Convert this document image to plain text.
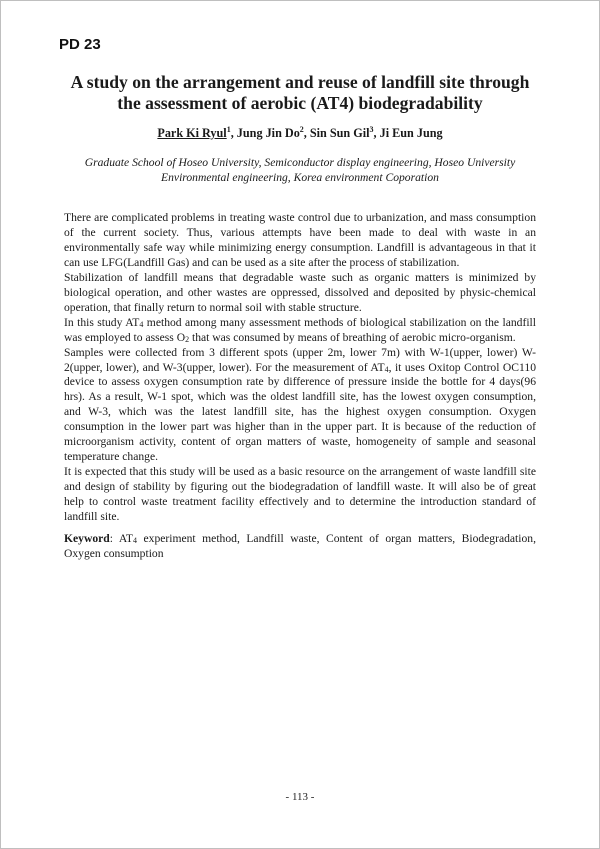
PD 23
A study on the arrangement and reuse of landfill site through the assessment of aerobic (AT4) biodegradability
Park Ki Ryul$^1$, Jung Jin Do$^2$, Sin Sun Gil$^3$, Ji Eun Jung
Graduate School of Hoseo University, Semiconductor display engineering, Hoseo University
Environmental engineering, Korea environment Coporation

There are complicated problems in treating waste control due to urbanization, and mass consumption of the current society. Thus, various attempts have been made to deal with waste in an environmentally safe way while minimizing energy consumption. Landfill is advantageous in that it can use LFG(Landfill Gas) and can be used as a site after the process of stabilization.

Stabilization of landfill means that degradable waste such as organic matters is minimized by biological operation, and other wastes are oppressed, dissolved and deposited by physic-chemical operation, that finally return to normal soil with stable structure.

In this study $AT_4$ method among many assessment methods of biological stabilization on the landfill was employed to assess $O_2$ that was consumed by means of breathing of aerobic micro-organism.

Samples were collected from 3 different spots (upper 2m, lower 7m) with W-1(upper, lower) W-2(upper, lower), and W-3(upper, lower). For the measurement of $AT_4$, it uses Oxitop Control OC110 device to assess oxygen consumption rate by difference of pressure inside the bottle for 4 days(96 hrs). As a result, W-1 spot, which was the oldest landfill site, has the lowest oxygen consumption, and W-3, which was the latest landfill site, has the highest oxygen consumption. Oxygen consumption in the lower part was higher than in the upper part. It is because of the reduction of microorganism activity, content of organ matters of waste, homogeneity of sample and seasonal temperature change.

It is expected that this study will be used as a basic resource on the arrangement of waste landfill site and design of stability by figuring out the biodegradation of landfill waste. It will also be of great help to control waste treatment facility effectively and to determine the introduction standard of landfill site.

Keyword: $AT_4$ experiment method, Landfill waste, Content of organ matters, Biodegradation, Oxygen consumption

- 113 -
